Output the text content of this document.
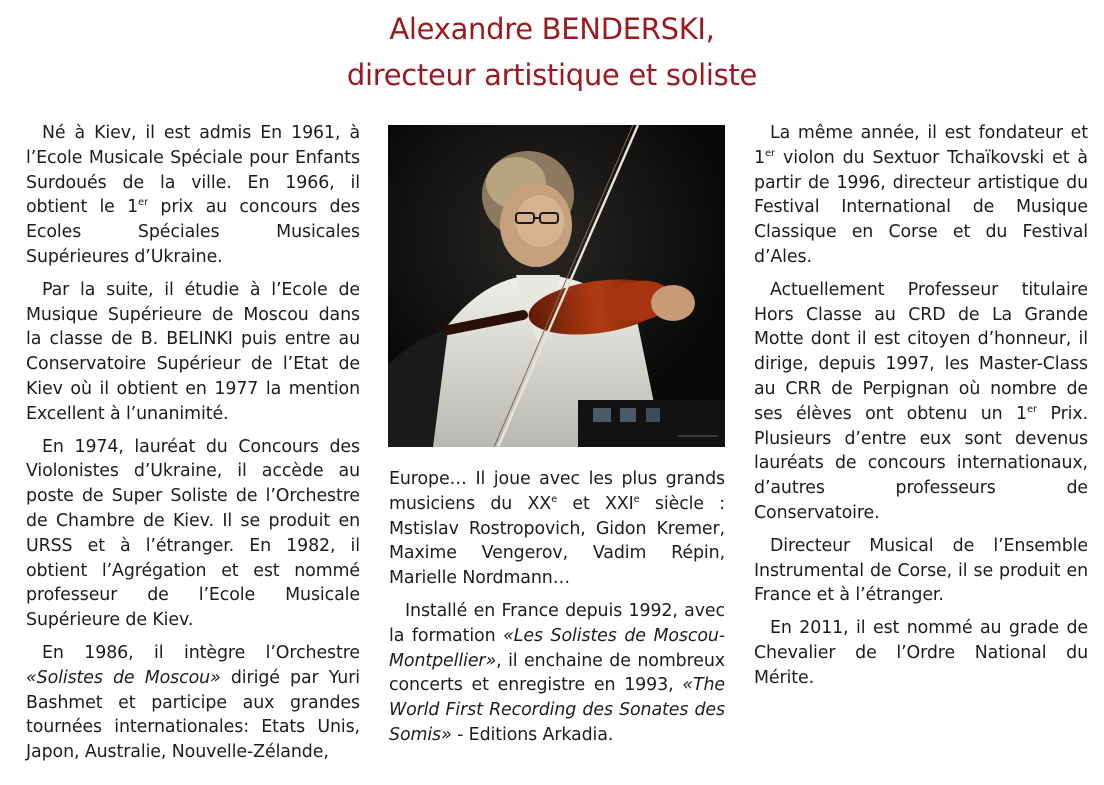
Alexandre BENDERSKI,
directeur artistique et soliste

Né à Kiev, il est admis En 1961, à l’Ecole Musicale Spéciale pour Enfants Surdoués de la ville. En 1966, il obtient le 1er prix au concours des Ecoles Spéciales Musicales Supérieures d’Ukraine.

Par la suite, il étudie à l’Ecole de Musique Supérieure de Moscou dans la classe de B. BELINKI puis entre au Conservatoire Supérieur de l’Etat de Kiev où il obtient en 1977 la mention Excellent à l’unanimité.

En 1974, lauréat du Concours des Violonistes d’Ukraine, il accède au poste de Super Soliste de l’Orchestre de Chambre de Kiev. Il se produit en URSS et à l’étranger. En 1982, il obtient l’Agrégation et est nommé professeur de l’Ecole Musicale Supérieure de Kiev.

En 1986, il intègre l’Orchestre «Solistes de Moscou» dirigé par Yuri Bashmet et participe aux grandes tournées internationales: Etats Unis, Japon, Australie, Nouvelle-Zélande,

Europe… Il joue avec les plus grands musiciens du XXe et XXIe siècle : Mstislav Rostropovich, Gidon Kremer, Maxime Vengerov, Vadim Répin, Marielle Nordmann…

Installé en France depuis 1992, avec la formation «Les Solistes de Moscou-Montpellier», il enchaine de nombreux concerts et enregistre en 1993, «The World First Recording des Sonates des Somis» - Editions Arkadia.

La même année, il est fondateur et 1er violon du Sextuor Tchaïkovski et à partir de 1996, directeur artistique du Festival International de Musique Classique en Corse et du Festival d’Ales.

Actuellement Professeur titulaire Hors Classe au CRD de La Grande Motte dont il est citoyen d’honneur, il dirige, depuis 1997, les Master-Class au CRR de Perpignan où nombre de ses élèves ont obtenu un 1er Prix. Plusieurs d’entre eux sont devenus lauréats de concours internationaux, d’autres professeurs de Conservatoire.

Directeur Musical de l’Ensemble Instrumental de Corse, il se produit en France et à l’étranger.

En 2011, il est nommé au grade de Chevalier de l’Ordre National du Mérite.
